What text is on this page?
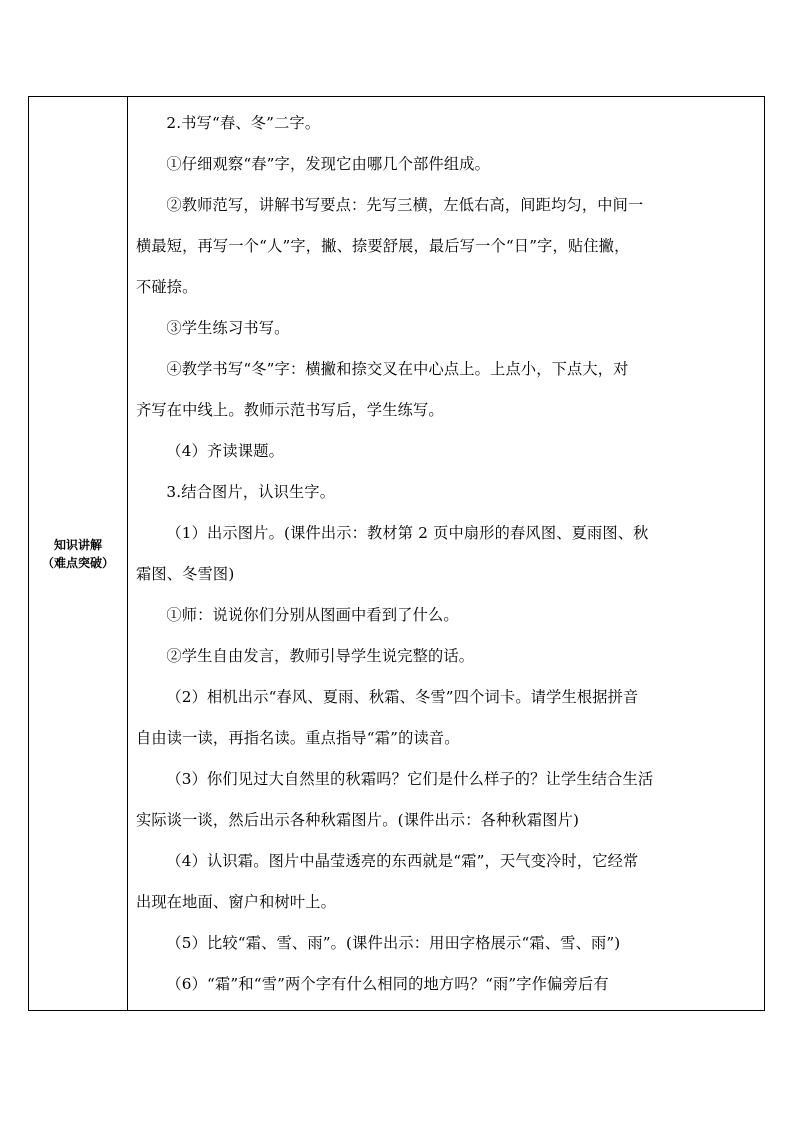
知识讲解
（难点突破）

2.书写“春、冬”二字。

①仔细观察“春”字，发现它由哪几个部件组成。

②教师范写，讲解书写要点：先写三横，左低右高，间距均匀，中间一

横最短，再写一个“人”字，撇、捺要舒展，最后写一个“日”字，贴住撇，

不碰捺。

③学生练习书写。

④教学书写“冬”字：横撇和捺交叉在中心点上。上点小，下点大，对

齐写在中线上。教师示范书写后，学生练写。

（4）齐读课题。

3.结合图片，认识生字。

（1）出示图片。(课件出示：教材第 2 页中扇形的春风图、夏雨图、秋

霜图、冬雪图)

①师：说说你们分别从图画中看到了什么。

②学生自由发言，教师引导学生说完整的话。

（2）相机出示“春风、夏雨、秋霜、冬雪”四个词卡。请学生根据拼音

自由读一读，再指名读。重点指导“霜”的读音。

（3）你们见过大自然里的秋霜吗？它们是什么样子的？让学生结合生活

实际谈一谈，然后出示各种秋霜图片。(课件出示：各种秋霜图片)

（4）认识霜。图片中晶莹透亮的东西就是“霜”，天气变冷时，它经常

出现在地面、窗户和树叶上。

（5）比较“霜、雪、雨”。(课件出示：用田字格展示“霜、雪、雨”)

（6）“霜”和“雪”两个字有什么相同的地方吗？“雨”字作偏旁后有
